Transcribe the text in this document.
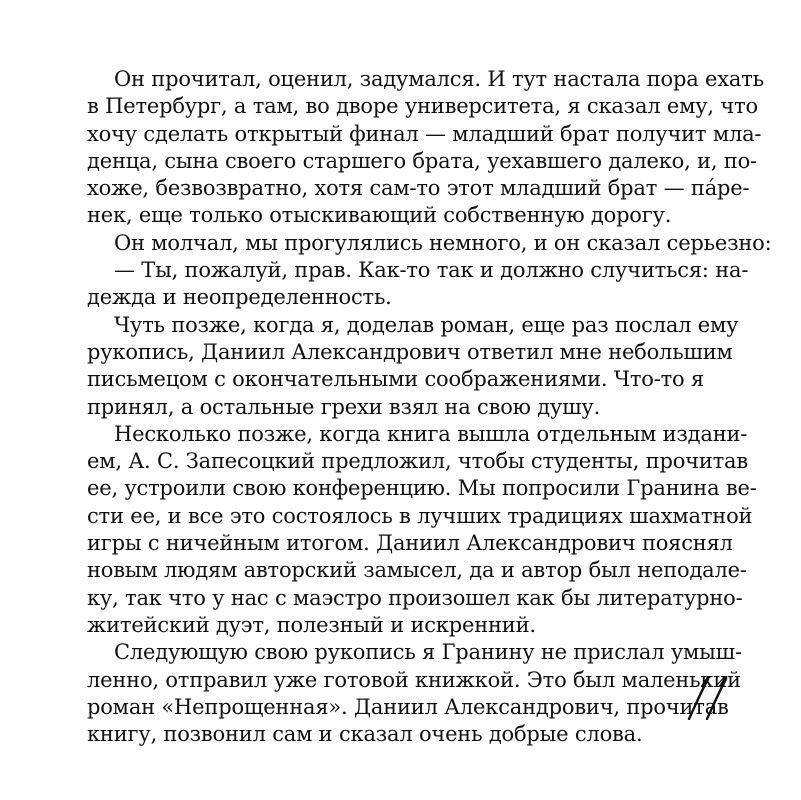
Он прочитал, оценил, задумался. И тут настала пора ехать
в Петербург, а там, во дворе университета, я сказал ему, что
хочу сделать открытый финал — младший брат получит мла-
денца, сына своего старшего брата, уехавшего далеко, и, по-
хоже, безвозвратно, хотя сам-то этот младший брат — пáре-
нек, еще только отыскивающий собственную дорогу.

Он молчал, мы прогулялись немного, и он сказал серьезно:

— Ты, пожалуй, прав. Как-то так и должно случиться: на-
дежда и неопределенность.

Чуть позже, когда я, доделав роман, еще раз послал ему
рукопись, Даниил Александрович ответил мне небольшим
письмецом с окончательными соображениями. Что-то я
принял, а остальные грехи взял на свою душу.

Несколько позже, когда книга вышла отдельным издани-
ем, А. С. Запесоцкий предложил, чтобы студенты, прочитав
ее, устроили свою конференцию. Мы попросили Гранина ве-
сти ее, и все это состоялось в лучших традициях шахматной
игры с ничейным итогом. Даниил Александрович пояснял
новым людям авторский замысел, да и автор был неподале-
ку, так что у нас с маэстро произошел как бы литературно-
житейский дуэт, полезный и искренний.

Следующую свою рукопись я Гранину не прислал умыш-
ленно, отправил уже готовой книжкой. Это был маленький
роман «Непрощенная». Даниил Александрович, прочитав
книгу, позвонил сам и сказал очень добрые слова.
